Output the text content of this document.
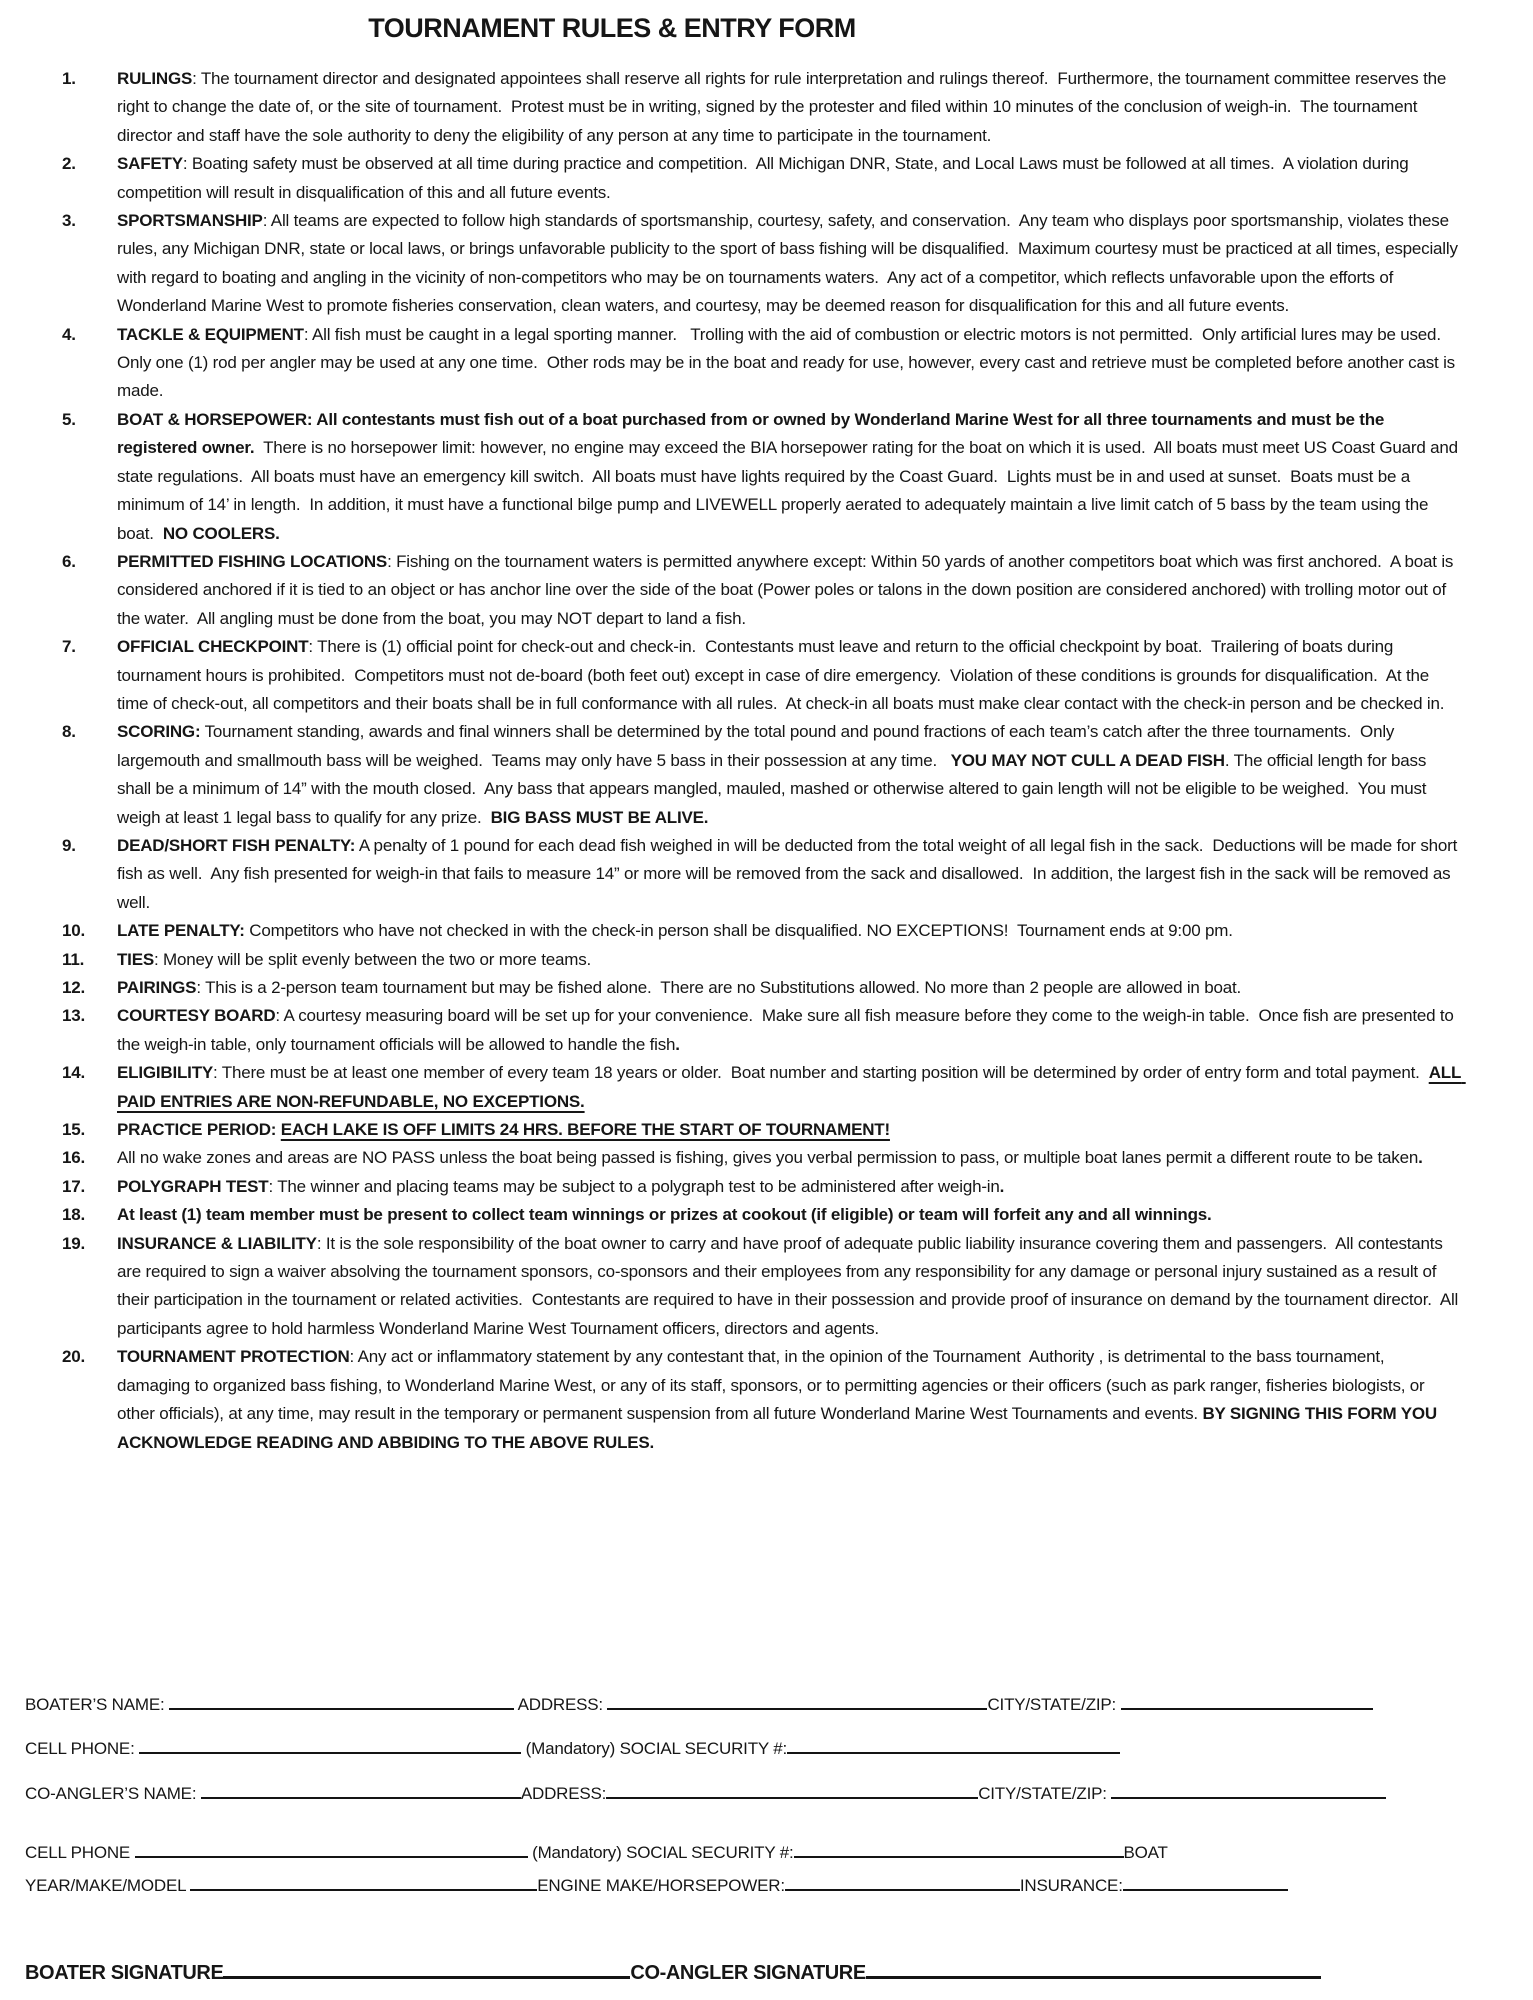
TOURNAMENT RULES & ENTRY FORM
1. RULINGS: The tournament director and designated appointees shall reserve all rights for rule interpretation and rulings thereof.  Furthermore, the tournament committee reserves the right to change the date of, or the site of tournament.  Protest must be in writing, signed by the protester and filed within 10 minutes of the conclusion of weigh-in.  The tournament director and staff have the sole authority to deny the eligibility of any person at any time to participate in the tournament.
2. SAFETY: Boating safety must be observed at all time during practice and competition.  All Michigan DNR, State, and Local Laws must be followed at all times.  A violation during competition will result in disqualification of this and all future events.
3. SPORTSMANSHIP: All teams are expected to follow high standards of sportsmanship, courtesy, safety, and conservation.  Any team who displays poor sportsmanship, violates these rules, any Michigan DNR, state or local laws, or brings unfavorable publicity to the sport of bass fishing will be disqualified.  Maximum courtesy must be practiced at all times, especially with regard to boating and angling in the vicinity of non-competitors who may be on tournaments waters.  Any act of a competitor, which reflects unfavorable upon the efforts of Wonderland Marine West to promote fisheries conservation, clean waters, and courtesy, may be deemed reason for disqualification for this and all future events.
4. TACKLE & EQUIPMENT: All fish must be caught in a legal sporting manner.   Trolling with the aid of combustion or electric motors is not permitted.  Only artificial lures may be used.  Only one (1) rod per angler may be used at any one time.  Other rods may be in the boat and ready for use, however, every cast and retrieve must be completed before another cast is made.
5. BOAT & HORSEPOWER: All contestants must fish out of a boat purchased from or owned by Wonderland Marine West for all three tournaments and must be the registered owner.  There is no horsepower limit: however, no engine may exceed the BIA horsepower rating for the boat on which it is used.  All boats must meet US Coast Guard and state regulations.  All boats must have an emergency kill switch.  All boats must have lights required by the Coast Guard.  Lights must be in and used at sunset.  Boats must be a minimum of 14’ in length.  In addition, it must have a functional bilge pump and LIVEWELL properly aerated to adequately maintain a live limit catch of 5 bass by the team using the boat.  NO COOLERS.
6. PERMITTED FISHING LOCATIONS: Fishing on the tournament waters is permitted anywhere except: Within 50 yards of another competitors boat which was first anchored.  A boat is considered anchored if it is tied to an object or has anchor line over the side of the boat (Power poles or talons in the down position are considered anchored) with trolling motor out of the water.  All angling must be done from the boat, you may NOT depart to land a fish.
7. OFFICIAL CHECKPOINT: There is (1) official point for check-out and check-in.  Contestants must leave and return to the official checkpoint by boat.  Trailering of boats during tournament hours is prohibited.  Competitors must not de-board (both feet out) except in case of dire emergency.  Violation of these conditions is grounds for disqualification.  At the time of check-out, all competitors and their boats shall be in full conformance with all rules.  At check-in all boats must make clear contact with the check-in person and be checked in.
8. SCORING: Tournament standing, awards and final winners shall be determined by the total pound and pound fractions of each team’s catch after the three tournaments.  Only largemouth and smallmouth bass will be weighed.  Teams may only have 5 bass in their possession at any time.   YOU MAY NOT CULL A DEAD FISH. The official length for bass shall be a minimum of 14” with the mouth closed.  Any bass that appears mangled, mauled, mashed or otherwise altered to gain length will not be eligible to be weighed.  You must weigh at least 1 legal bass to qualify for any prize.  BIG BASS MUST BE ALIVE.
9. DEAD/SHORT FISH PENALTY: A penalty of 1 pound for each dead fish weighed in will be deducted from the total weight of all legal fish in the sack.  Deductions will be made for short fish as well.  Any fish presented for weigh-in that fails to measure 14” or more will be removed from the sack and disallowed.  In addition, the largest fish in the sack will be removed as well.
10. LATE PENALTY: Competitors who have not checked in with the check-in person shall be disqualified. NO EXCEPTIONS!  Tournament ends at 9:00 pm.
11. TIES: Money will be split evenly between the two or more teams.
12. PAIRINGS: This is a 2-person team tournament but may be fished alone.  There are no Substitutions allowed. No more than 2 people are allowed in boat.
13. COURTESY BOARD: A courtesy measuring board will be set up for your convenience.  Make sure all fish measure before they come to the weigh-in table.  Once fish are presented to the weigh-in table, only tournament officials will be allowed to handle the fish.
14. ELIGIBILITY: There must be at least one member of every team 18 years or older.  Boat number and starting position will be determined by order of entry form and total payment.  ALL PAID ENTRIES ARE NON-REFUNDABLE, NO EXCEPTIONS.
15. PRACTICE PERIOD: EACH LAKE IS OFF LIMITS 24 HRS. BEFORE THE START OF TOURNAMENT!
16. All no wake zones and areas are NO PASS unless the boat being passed is fishing, gives you verbal permission to pass, or multiple boat lanes permit a different route to be taken.
17. POLYGRAPH TEST: The winner and placing teams may be subject to a polygraph test to be administered after weigh-in.
18. At least (1) team member must be present to collect team winnings or prizes at cookout (if eligible) or team will forfeit any and all winnings.
19. INSURANCE & LIABILITY: It is the sole responsibility of the boat owner to carry and have proof of adequate public liability insurance covering them and passengers.  All contestants are required to sign a waiver absolving the tournament sponsors, co-sponsors and their employees from any responsibility for any damage or personal injury sustained as a result of their participation in the tournament or related activities.  Contestants are required to have in their possession and provide proof of insurance on demand by the tournament director.  All participants agree to hold harmless Wonderland Marine West Tournament officers, directors and agents.
20. TOURNAMENT PROTECTION: Any act or inflammatory statement by any contestant that, in the opinion of the Tournament  Authority , is detrimental to the bass tournament, damaging to organized bass fishing, to Wonderland Marine West, or any of its staff, sponsors, or to permitting agencies or their officers (such as park ranger, fisheries biologists, or other officials), at any time, may result in the temporary or permanent suspension from all future Wonderland Marine West Tournaments and events. BY SIGNING THIS FORM YOU ACKNOWLEDGE READING AND ABBIDING TO THE ABOVE RULES.
BOATER’S NAME:	ADDRESS:	CITY/STATE/ZIP:
CELL PHONE:	(Mandatory) SOCIAL SECURITY #:
CO-ANGLER’S NAME:	ADDRESS:	CITY/STATE/ZIP:
CELL PHONE	(Mandatory) SOCIAL SECURITY #:	BOAT
YEAR/MAKE/MODEL	ENGINE MAKE/HORSEPOWER:	INSURANCE:
BOATER SIGNATURE	CO-ANGLER SIGNATURE
